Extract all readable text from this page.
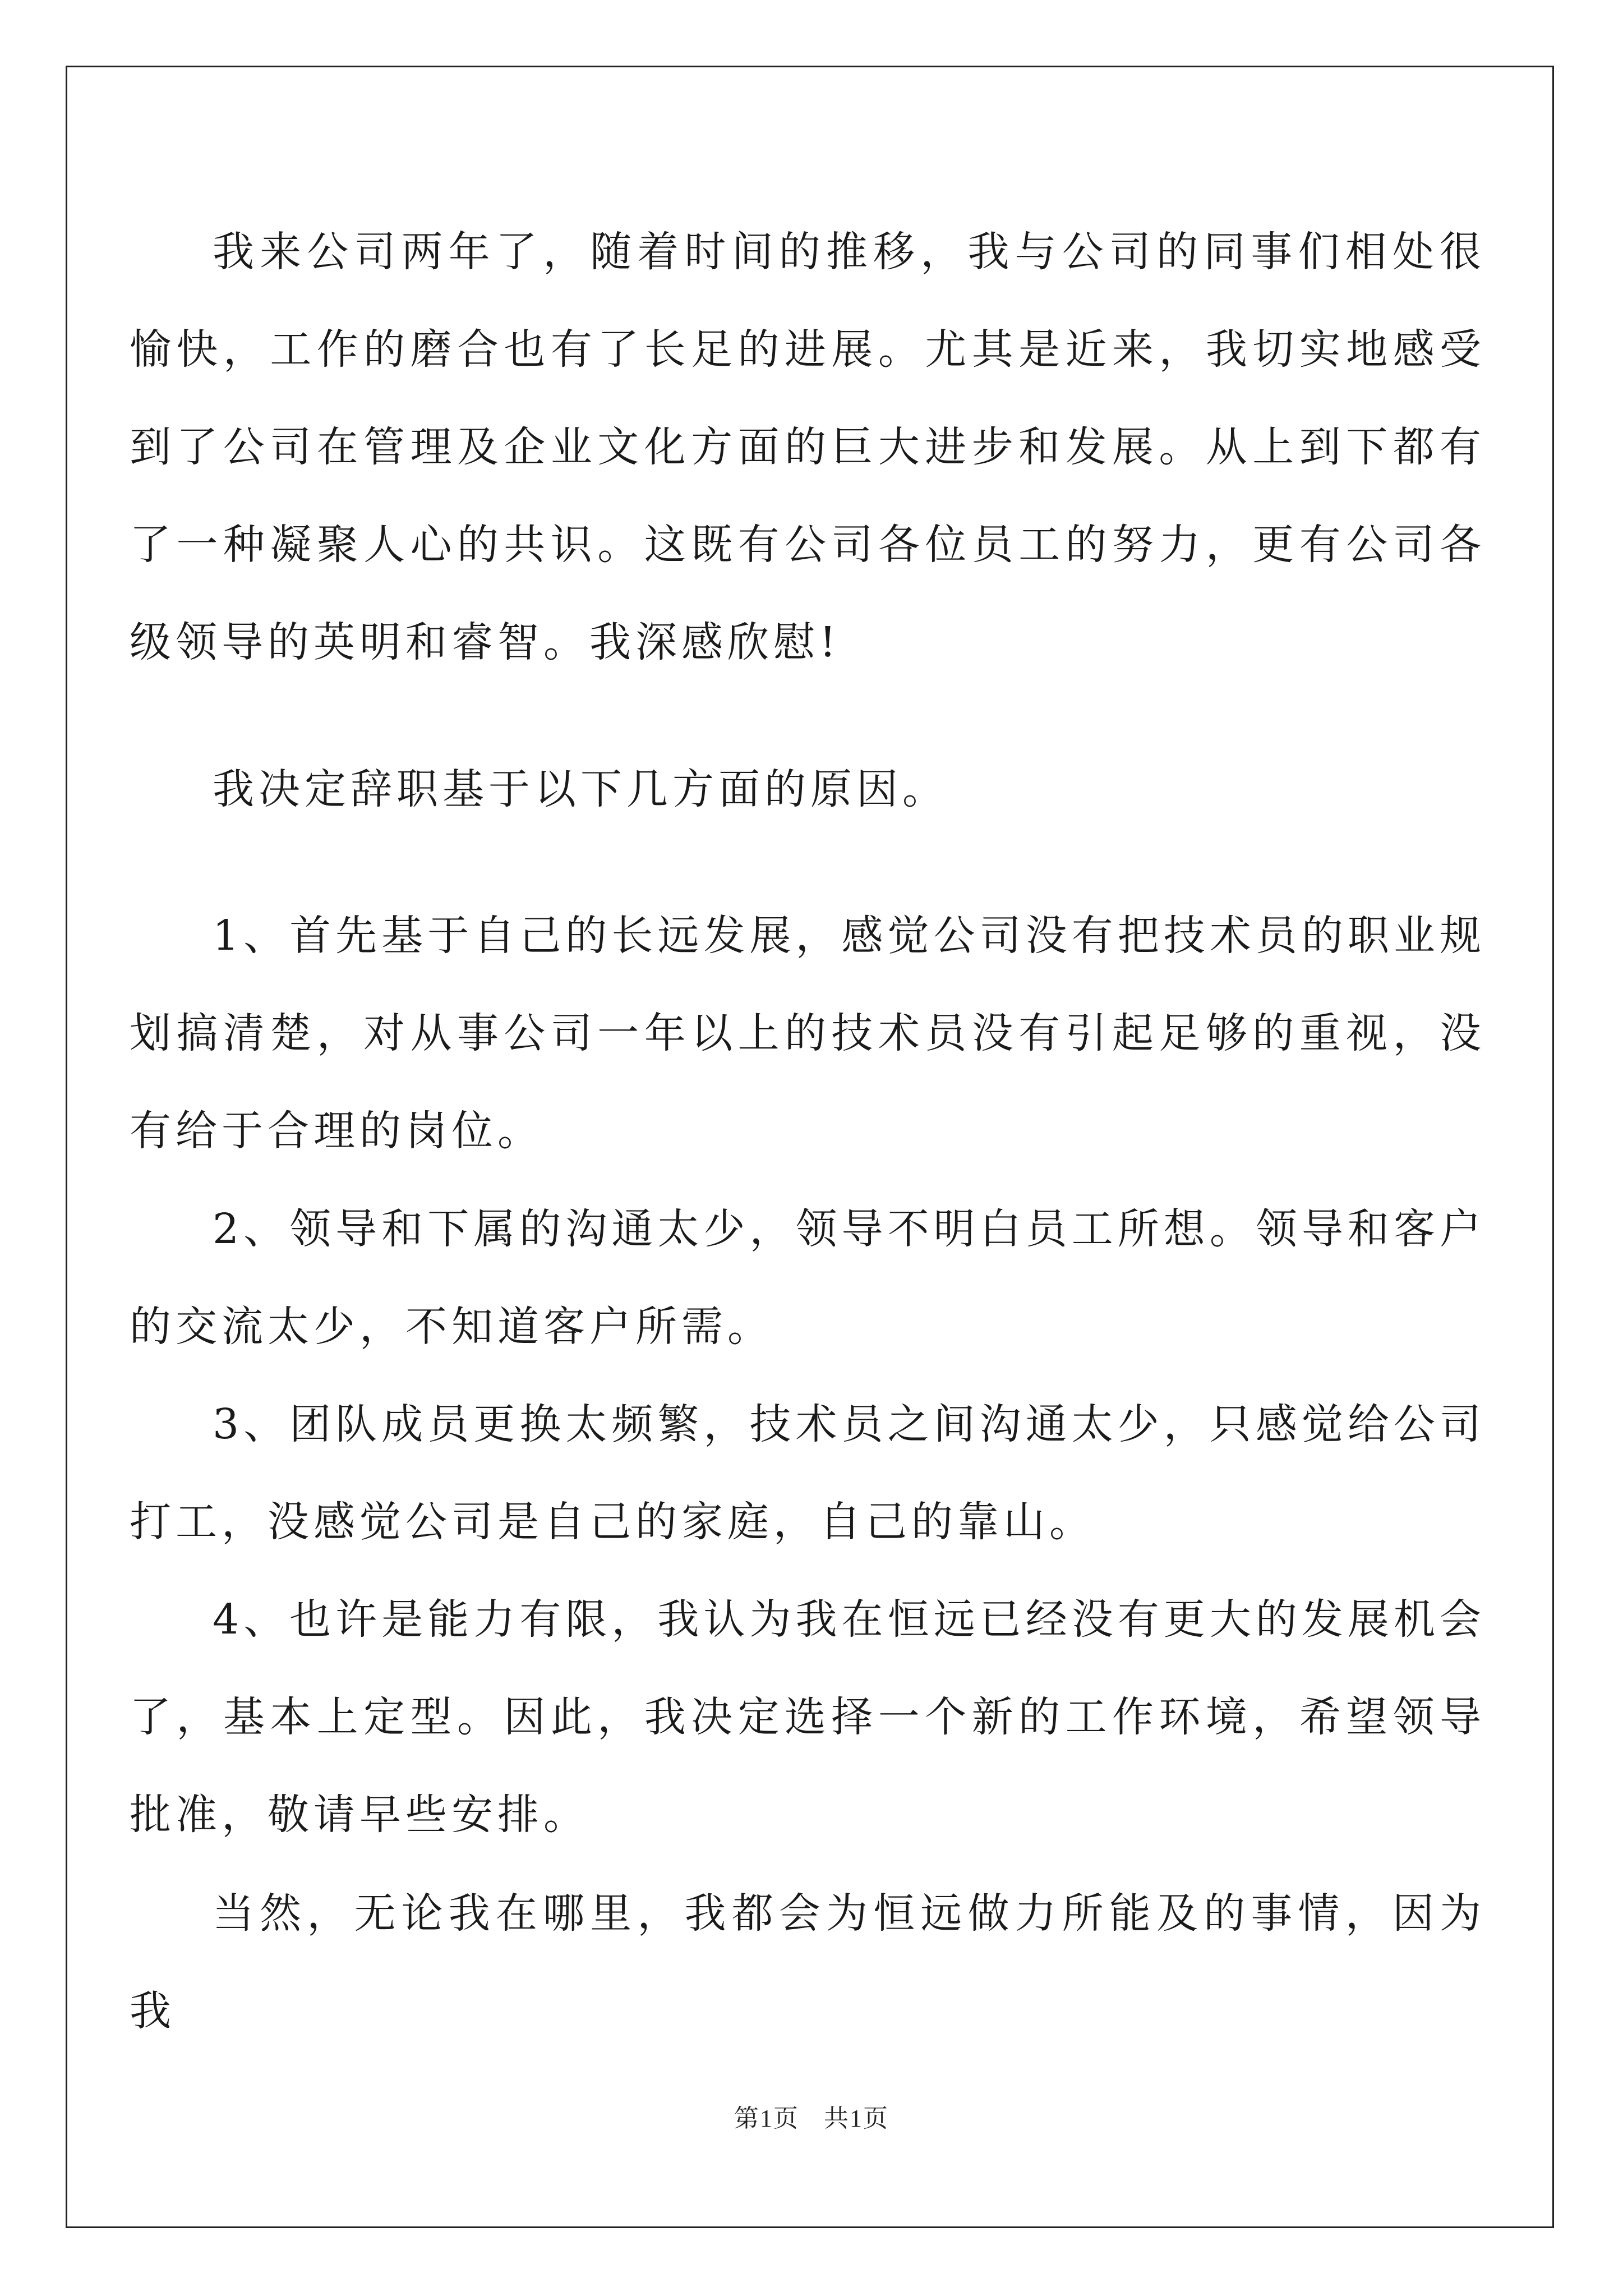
我来公司两年了，随着时间的推移，我与公司的同事们相处很愉快，工作的磨合也有了长足的进展。尤其是近来，我切实地感受到了公司在管理及企业文化方面的巨大进步和发展。从上到下都有了一种凝聚人心的共识。这既有公司各位员工的努力，更有公司各级领导的英明和睿智。我深感欣慰!

我决定辞职基于以下几方面的原因。

1、首先基于自己的长远发展，感觉公司没有把技术员的职业规划搞清楚，对从事公司一年以上的技术员没有引起足够的重视，没有给于合理的岗位。

2、领导和下属的沟通太少，领导不明白员工所想。领导和客户的交流太少，不知道客户所需。

3、团队成员更换太频繁，技术员之间沟通太少，只感觉给公司打工，没感觉公司是自己的家庭，自己的靠山。

4、也许是能力有限，我认为我在恒远已经没有更大的发展机会了，基本上定型。因此，我决定选择一个新的工作环境，希望领导批准，敬请早些安排。

当然，无论我在哪里，我都会为恒远做力所能及的事情，因为我

第1页 共1页
